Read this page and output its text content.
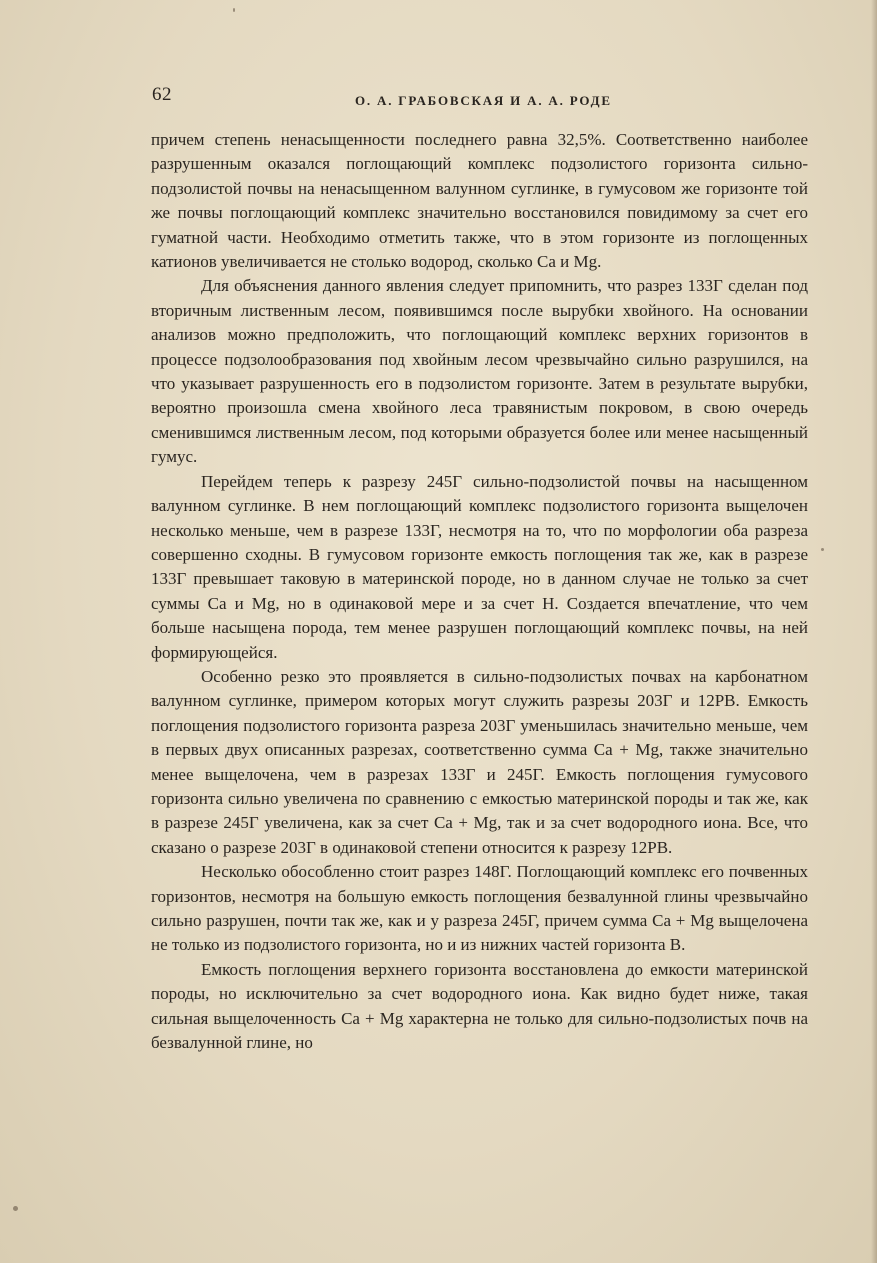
62	О. А. ГРАБОВСКАЯ И А. А. РОДЕ

причем степень ненасыщенности последнего равна 32,5%. Соответственно наиболее разрушенным оказался поглощающий комплекс подзолистого горизонта сильно-подзолистой почвы на ненасыщенном валунном суглинке, в гумусовом же горизонте той же почвы поглощающий комплекс значительно восстановился повидимому за счет его гуматной части. Необходимо отметить также, что в этом горизонте из поглощенных катионов увеличивается не столько водород, сколько Ca и Mg.

Для объяснения данного явления следует припомнить, что разрез 133Г сделан под вторичным лиственным лесом, появившимся после вырубки хвойного. На основании анализов можно предположить, что поглощающий комплекс верхних горизонтов в процессе подзолообразования под хвойным лесом чрезвычайно сильно разрушился, на что указывает разрушенность его в подзолистом горизонте. Затем в результате вырубки, вероятно произошла смена хвойного леса травянистым покровом, в свою очередь сменившимся лиственным лесом, под которыми образуется более или менее насыщенный гумус.

Перейдем теперь к разрезу 245Г сильно-подзолистой почвы на насыщенном валунном суглинке. В нем поглощающий комплекс подзолистого горизонта выщелочен несколько меньше, чем в разрезе 133Г, несмотря на то, что по морфологии оба разреза совершенно сходны. В гумусовом горизонте емкость поглощения так же, как в разрезе 133Г превышает таковую в материнской породе, но в данном случае не только за счет суммы Ca и Mg, но в одинаковой мере и за счет H. Создается впечатление, что чем больше насыщена порода, тем менее разрушен поглощающий комплекс почвы, на ней формирующейся.

Особенно резко это проявляется в сильно-подзолистых почвах на карбонатном валунном суглинке, примером которых могут служить разрезы 203Г и 12РВ. Емкость поглощения подзолистого горизонта разреза 203Г уменьшилась значительно меньше, чем в первых двух описанных разрезах, соответственно сумма Ca + Mg, также значительно менее выщелочена, чем в разрезах 133Г и 245Г. Емкость поглощения гумусового горизонта сильно увеличена по сравнению с емкостью материнской породы и так же, как в разрезе 245Г увеличена, как за счет Ca + Mg, так и за счет водородного иона. Все, что сказано о разрезе 203Г в одинаковой степени относится к разрезу 12РВ.

Несколько обособленно стоит разрез 148Г. Поглощающий комплекс его почвенных горизонтов, несмотря на большую емкость поглощения безвалунной глины чрезвычайно сильно разрушен, почти так же, как и у разреза 245Г, причем сумма Ca + Mg выщелочена не только из подзолистого горизонта, но и из нижних частей горизонта B.

Емкость поглощения верхнего горизонта восстановлена до емкости материнской породы, но исключительно за счет водородного иона. Как видно будет ниже, такая сильная выщелоченность Ca + Mg характерна не только для сильно-подзолистых почв на безвалунной глине, но
